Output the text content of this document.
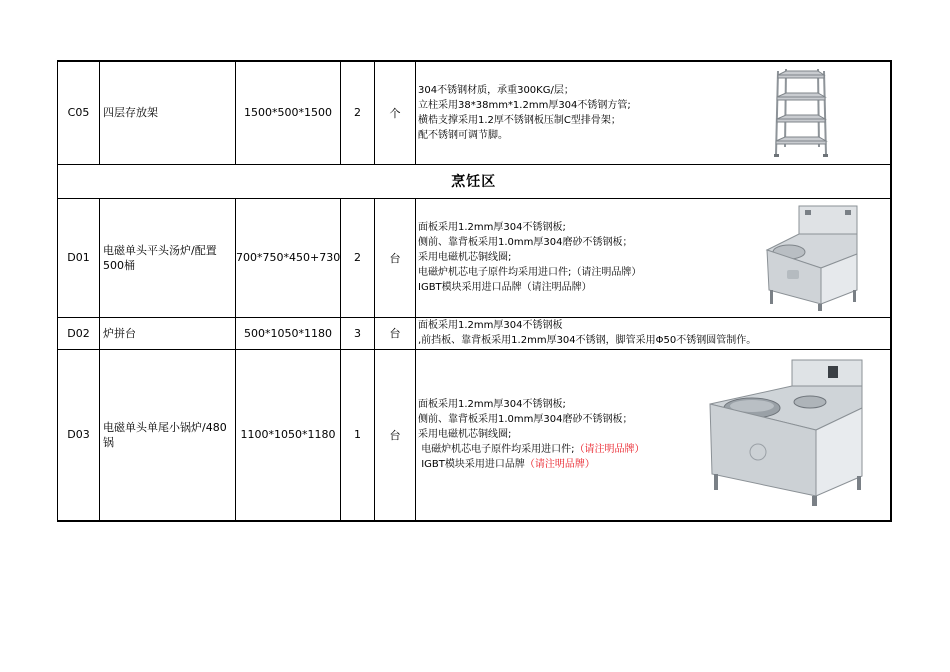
C05	四层存放架	1500*500*1500	2	个	304不锈钢材质，承重300KG/层；
立柱采用38*38mm*1.2mm厚304不锈钢方管;
横梏支撑采用1.2厚不锈钢板压制C型排骨架；
配不锈钢可调节脚。

烹饪区					
D01	电磁单头平头汤炉/配置500桶	700*750*450+730	2	台	面板采用1.2mm厚304不锈钢板;
侧前、靠背板采用1.0mm厚304磨砂不锈钢板；
采用电磁机芯铜线圈;
电磁炉机芯电子原件均采用进口件;（请注明品牌）
IGBT模块采用进口品牌（请注明品牌）

D02	炉拼台	500*1050*1180	3	台	面板采用1.2mm厚304不锈钢板
,前挡板、靠背板采用1.2mm厚304不锈钢，脚管采用Φ50不锈钢圆管制作。

D03	电磁单头单尾小锅炉/480锅	1100*1050*1180	1	台	面板采用1.2mm厚304不锈钢板;
侧前、靠背板采用1.0mm厚304磨砂不锈钢板；
采用电磁机芯铜线圈;
电磁炉机芯电子原件均采用进口件;（请注明品牌）
IGBT模块采用进口品牌（请注明品牌）
